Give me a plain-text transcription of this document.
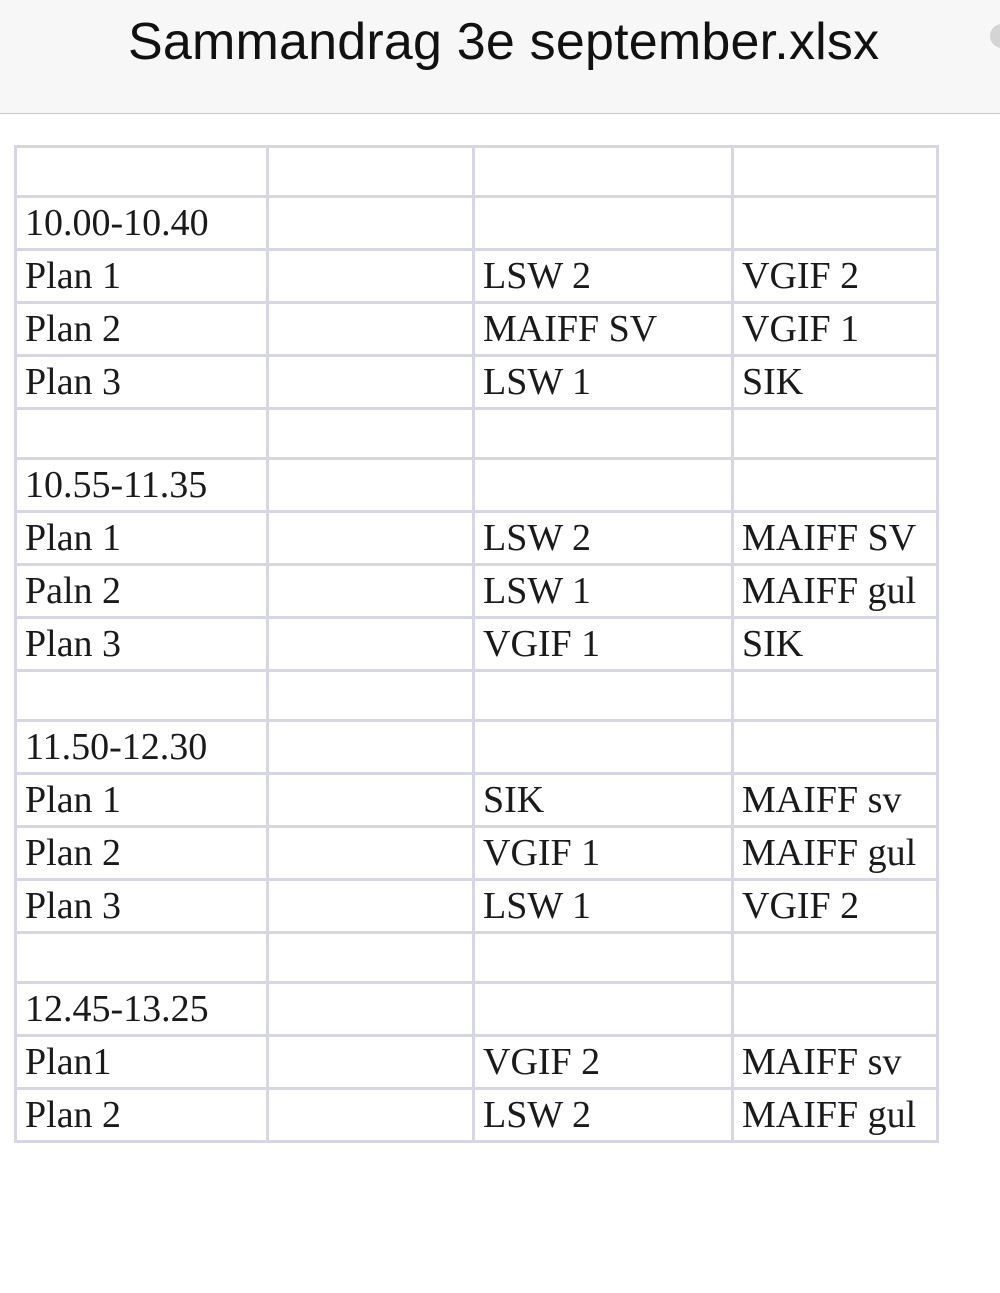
Sammandrag 3e september.xlsx

10.00-10.40			
Plan 1		LSW 2	VGIF 2
Plan 2		MAIFF SV	VGIF 1
Plan 3		LSW 1	SIK

10.55-11.35			
Plan 1		LSW 2	MAIFF SV
Paln 2		LSW 1	MAIFF gul
Plan 3		VGIF 1	SIK

11.50-12.30			
Plan 1		SIK	MAIFF sv
Plan 2		VGIF 1	MAIFF gul
Plan 3		LSW 1	VGIF 2

12.45-13.25			
Plan1		VGIF 2	MAIFF sv
Plan 2		LSW 2	MAIFF gul
